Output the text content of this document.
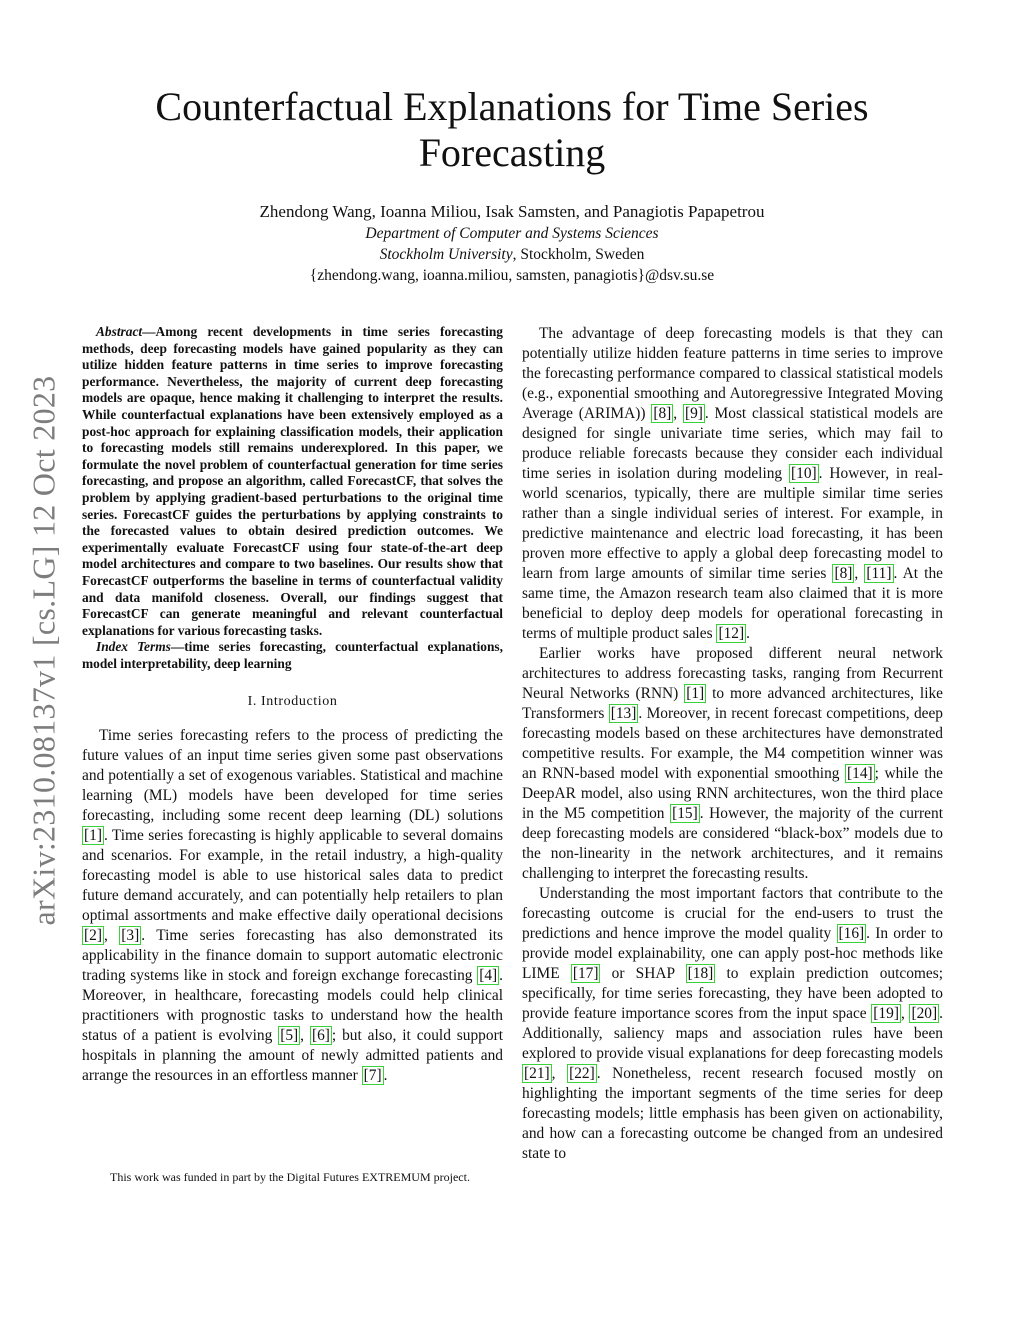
arXiv:2310.08137v1 [cs.LG] 12 Oct 2023
Counterfactual Explanations for Time Series Forecasting
Zhendong Wang, Ioanna Miliou, Isak Samsten, and Panagiotis Papapetrou
Department of Computer and Systems Sciences
Stockholm University, Stockholm, Sweden
{zhendong.wang, ioanna.miliou, samsten, panagiotis}@dsv.su.se

Abstract—Among recent developments in time series forecasting methods, deep forecasting models have gained popularity as they can utilize hidden feature patterns in time series to improve forecasting performance. Nevertheless, the majority of current deep forecasting models are opaque, hence making it challenging to interpret the results. While counterfactual explanations have been extensively employed as a post-hoc approach for explaining classification models, their application to forecasting models still remains underexplored. In this paper, we formulate the novel problem of counterfactual generation for time series forecasting, and propose an algorithm, called ForecastCF, that solves the problem by applying gradient-based perturbations to the original time series. ForecastCF guides the perturbations by applying constraints to the forecasted values to obtain desired prediction outcomes. We experimentally evaluate ForecastCF using four state-of-the-art deep model architectures and compare to two baselines. Our results show that ForecastCF outperforms the baseline in terms of counterfactual validity and data manifold closeness. Overall, our findings suggest that ForecastCF can generate meaningful and relevant counterfactual explanations for various forecasting tasks.

Index Terms—time series forecasting, counterfactual explanations, model interpretability, deep learning

I. Introduction

Time series forecasting refers to the process of predicting the future values of an input time series given some past observations and potentially a set of exogenous variables. Statistical and machine learning (ML) models have been developed for time series forecasting, including some recent deep learning (DL) solutions [1] . Time series forecasting is highly applicable to several domains and scenarios. For example, in the retail industry, a high-quality forecasting model is able to use historical sales data to predict future demand accurately, and can potentially help retailers to plan optimal assortments and make effective daily operational decisions [2] , [3] . Time series forecasting has also demonstrated its applicability in the finance domain to support automatic electronic trading systems like in stock and foreign exchange forecasting [4] . Moreover, in healthcare, forecasting models could help clinical practitioners with prognostic tasks to understand how the health status of a patient is evolving [5] , [6] ; but also, it could support hospitals in planning the amount of newly admitted patients and arrange the resources in an effortless manner [7] .

The advantage of deep forecasting models is that they can potentially utilize hidden feature patterns in time series to improve the forecasting performance compared to classical statistical models (e.g., exponential smoothing and Autoregressive Integrated Moving Average (ARIMA)) [8] , [9] . Most classical statistical models are designed for single univariate time series, which may fail to produce reliable forecasts because they consider each individual time series in isolation during modeling [10] . However, in real-world scenarios, typically, there are multiple similar time series rather than a single individual series of interest. For example, in predictive maintenance and electric load forecasting, it has been proven more effective to apply a global deep forecasting model to learn from large amounts of similar time series [8] , [11] . At the same time, the Amazon research team also claimed that it is more beneficial to deploy deep models for operational forecasting in terms of multiple product sales [12] .

Earlier works have proposed different neural network architectures to address forecasting tasks, ranging from Recurrent Neural Networks (RNN) [1] to more advanced architectures, like Transformers [13] . Moreover, in recent forecast competitions, deep forecasting models based on these architectures have demonstrated competitive results. For example, the M4 competition winner was an RNN-based model with exponential smoothing [14] ; while the DeepAR model, also using RNN architectures, won the third place in the M5 competition [15] . However, the majority of the current deep forecasting models are considered “black-box” models due to the non-linearity in the network architectures, and it remains challenging to interpret the forecasting results.

Understanding the most important factors that contribute to the forecasting outcome is crucial for the end-users to trust the predictions and hence improve the model quality [16] . In order to provide model explainability, one can apply post-hoc methods like LIME [17] or SHAP [18] to explain prediction outcomes; specifically, for time series forecasting, they have been adopted to provide feature importance scores from the input space [19] , [20] . Additionally, saliency maps and association rules have been explored to provide visual explanations for deep forecasting models [21] , [22] . Nonetheless, recent research focused mostly on highlighting the important segments of the time series for deep forecasting models; little emphasis has been given on actionability, and how can a forecasting outcome be changed from an undesired state to

This work was funded in part by the Digital Futures EXTREMUM project.
